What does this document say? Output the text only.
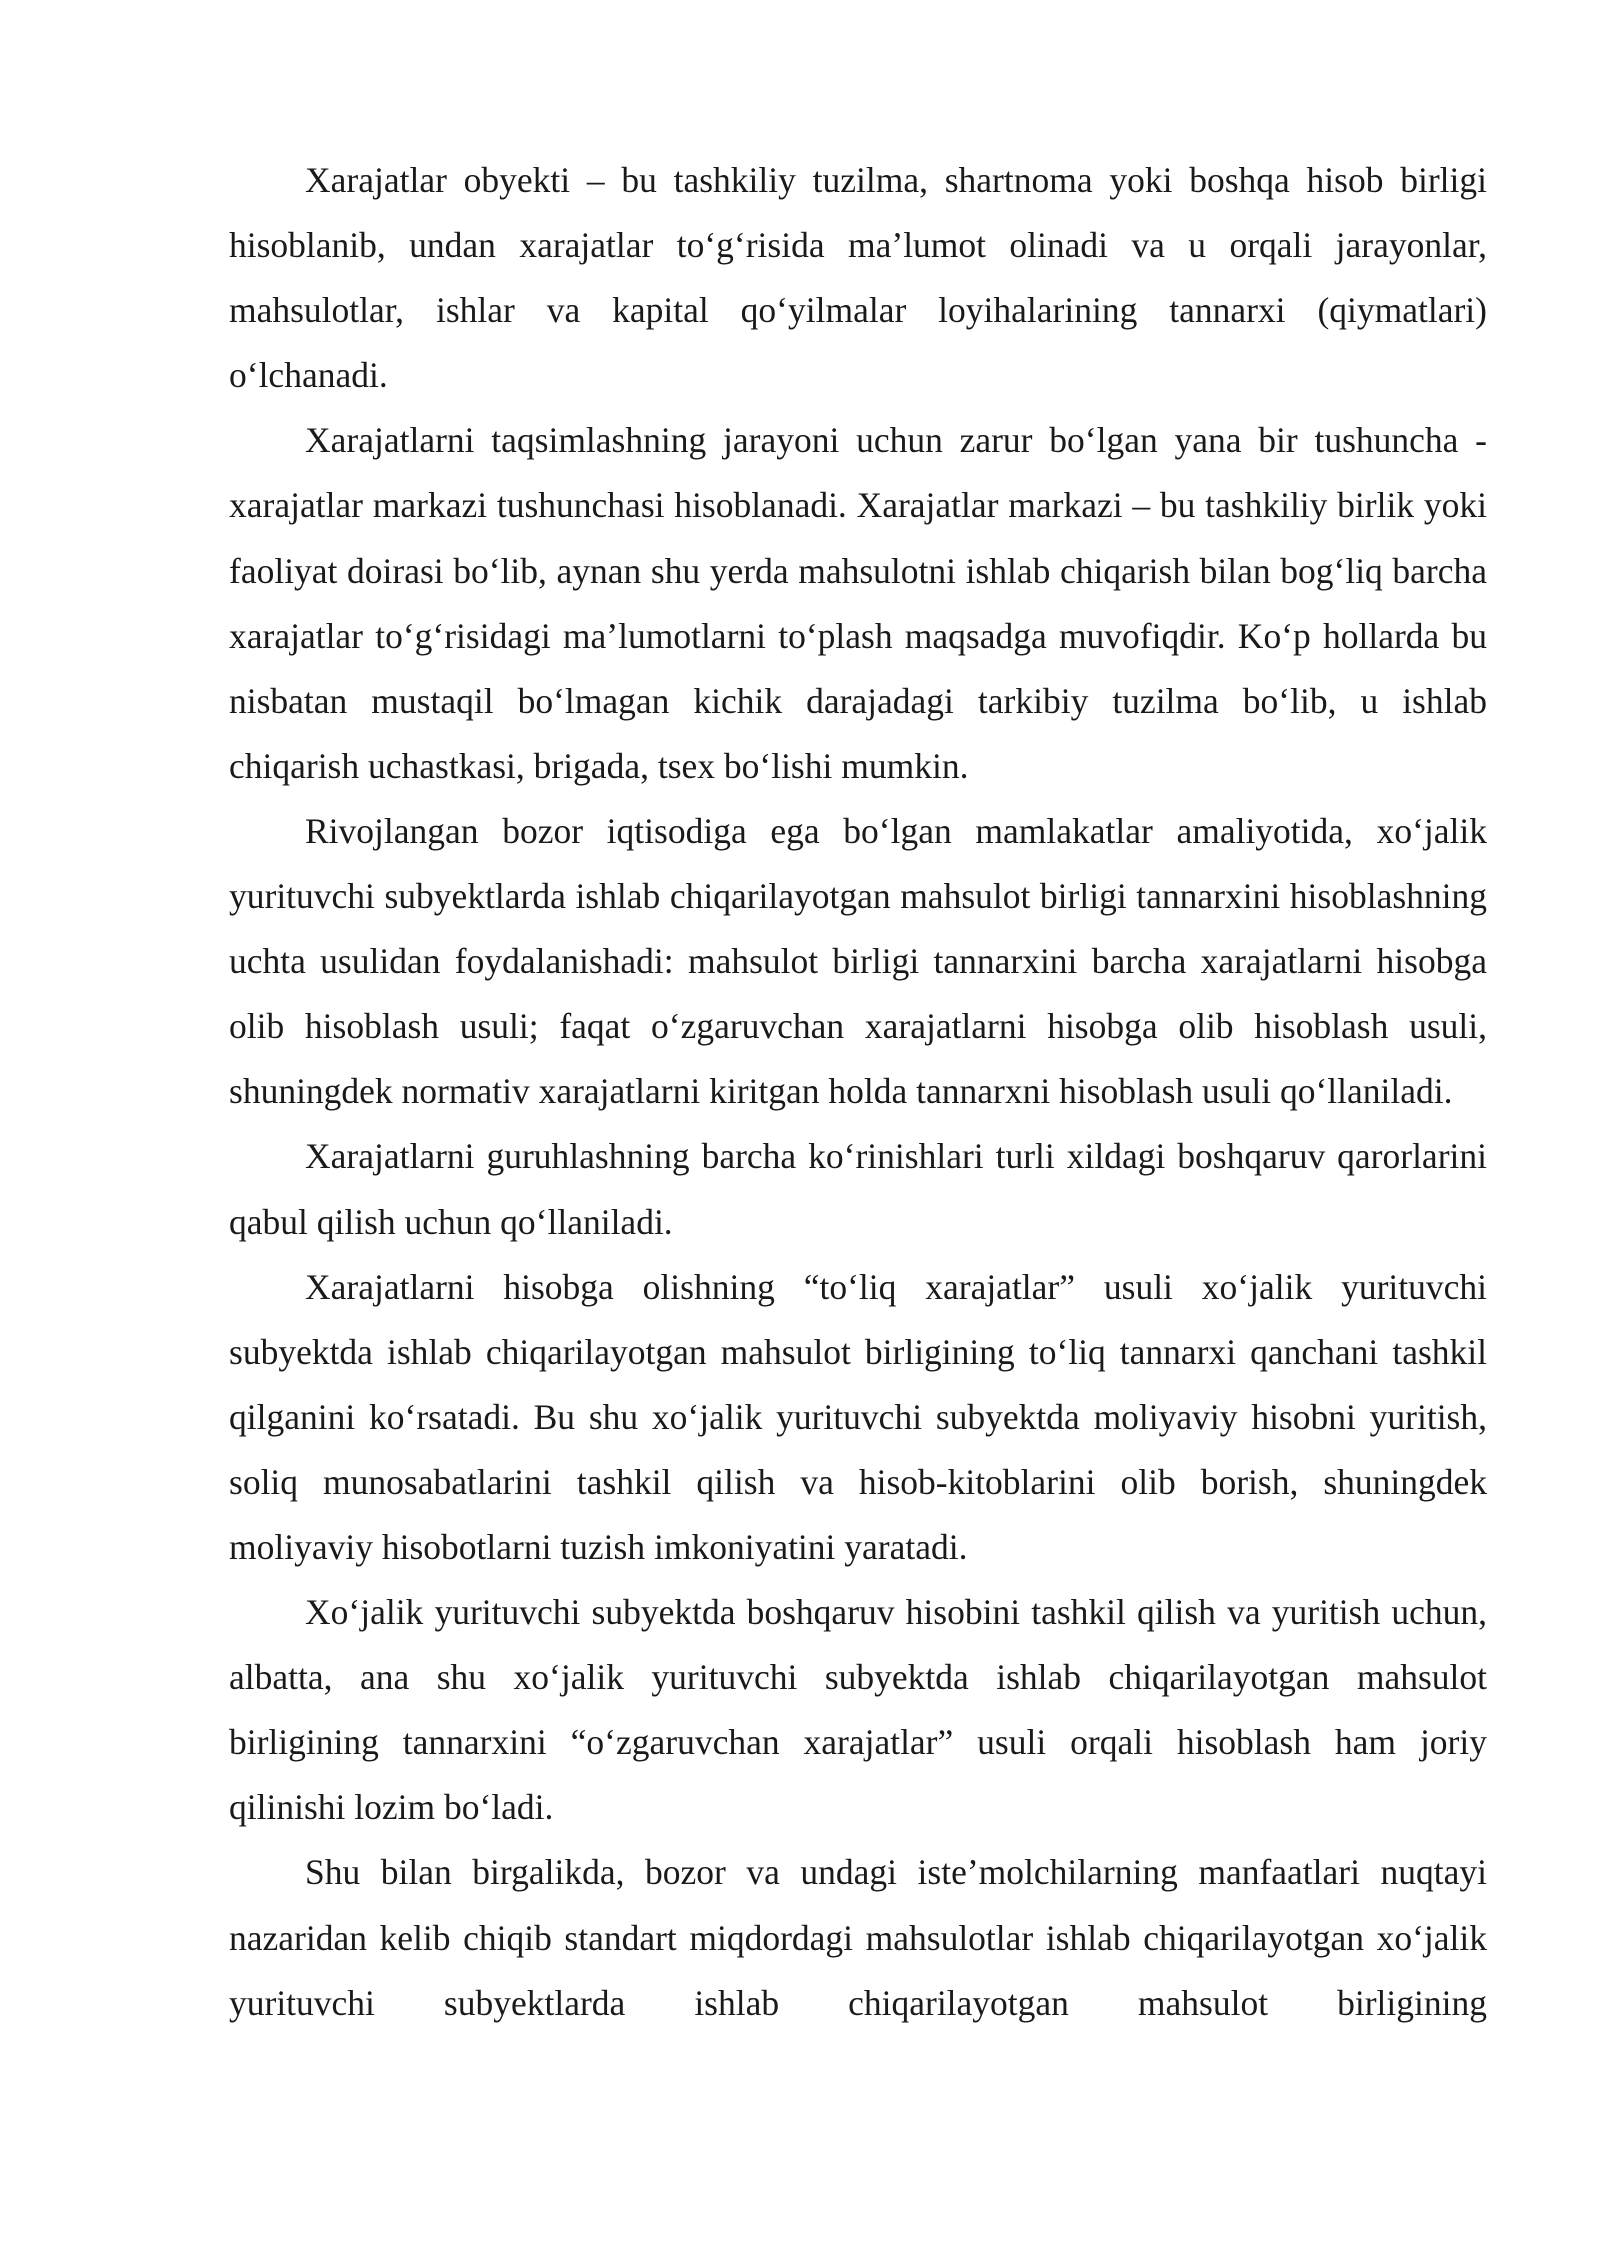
Xarajatlar obyekti – bu tashkiliy tuzilma, shartnoma yoki boshqa hisob birligi hisoblanib, undan xarajatlar toʻgʻrisida maʼlumot olinadi va u orqali jarayonlar, mahsulotlar, ishlar va kapital qoʻyilmalar loyihalarining tannarxi (qiymatlari) oʻlchanadi.

Xarajatlarni taqsimlashning jarayoni uchun zarur boʻlgan yana bir tushuncha - xarajatlar markazi tushunchasi hisoblanadi. Xarajatlar markazi – bu tashkiliy birlik yoki faoliyat doirasi boʻlib, aynan shu yerda mahsulotni ishlab chiqarish bilan bogʻliq barcha xarajatlar toʻgʻrisidagi maʼlumotlarni toʻplash maqsadga muvofiqdir. Koʻp hollarda bu nisbatan mustaqil boʻlmagan kichik darajadagi tarkibiy tuzilma boʻlib, u ishlab chiqarish uchastkasi, brigada, tsex boʻlishi mumkin.

Rivojlangan bozor iqtisodiga ega boʻlgan mamlakatlar amaliyotida, xoʻjalik yurituvchi subyektlarda ishlab chiqarilayotgan mahsulot birligi tannarxini hisoblashning uchta usulidan foydalanishadi: mahsulot birligi tannarxini barcha xarajatlarni hisobga olib hisoblash usuli; faqat oʻzgaruvchan xarajatlarni hisobga olib hisoblash usuli, shuningdek normativ xarajatlarni kiritgan holda tannarxni hisoblash usuli qoʻllaniladi.

Xarajatlarni guruhlashning barcha koʻrinishlari turli xildagi boshqaruv qarorlarini qabul qilish uchun qoʻllaniladi.

Xarajatlarni hisobga olishning “toʻliq xarajatlar” usuli xoʻjalik yurituvchi subyektda ishlab chiqarilayotgan mahsulot birligining toʻliq tannarxi qanchani tashkil qilganini koʻrsatadi. Bu shu xoʻjalik yurituvchi subyektda moliyaviy hisobni yuritish, soliq munosabatlarini tashkil qilish va hisob-kitoblarini olib borish, shuningdek moliyaviy hisobotlarni tuzish imkoniyatini yaratadi.

Xoʻjalik yurituvchi subyektda boshqaruv hisobini tashkil qilish va yuritish uchun, albatta, ana shu xoʻjalik yurituvchi subyektda ishlab chiqarilayotgan mahsulot birligining tannarxini “oʻzgaruvchan xarajatlar” usuli orqali hisoblash ham joriy qilinishi lozim boʻladi.

Shu bilan birgalikda, bozor va undagi isteʼmolchilarning manfaatlari nuqtayi nazaridan kelib chiqib standart miqdordagi mahsulotlar ishlab chiqarilayotgan xoʻjalik yurituvchi subyektlarda ishlab chiqarilayotgan mahsulot birligining
